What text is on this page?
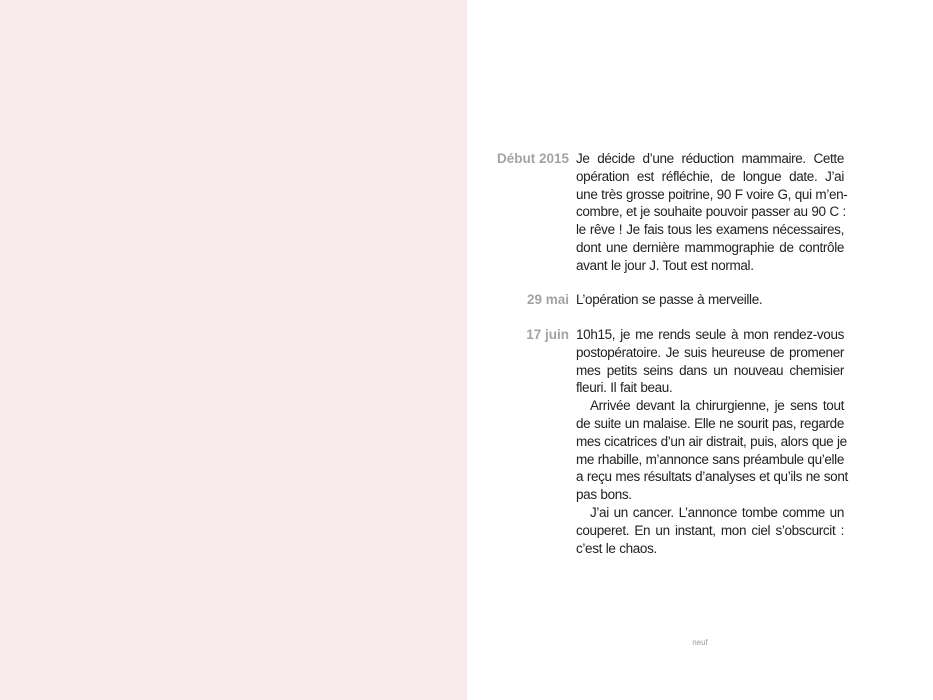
Début 2015 Je décide d’une réduction mammaire. Cette
opération est réfléchie, de longue date. J’ai
une très grosse poitrine, 90 F voire G, qui m’en-
combre, et je souhaite pouvoir passer au 90 C :
le rêve ! Je fais tous les examens nécessaires,
dont une dernière mammographie de contrôle
avant le jour J. Tout est normal.
29 mai L’opération se passe à merveille.
17 juin 10h15, je me rends seule à mon rendez-vous
postopératoire. Je suis heureuse de promener
mes petits seins dans un nouveau chemisier
fleuri. Il fait beau.
Arrivée devant la chirurgienne, je sens tout
de suite un malaise. Elle ne sourit pas, regarde
mes cicatrices d’un air distrait, puis, alors que je
me rhabille, m’annonce sans préambule qu’elle
a reçu mes résultats d’analyses et qu’ils ne sont
pas bons.
J’ai un cancer. L’annonce tombe comme un
couperet. En un instant, mon ciel s’obscurcit :
c’est le chaos.
neuf
